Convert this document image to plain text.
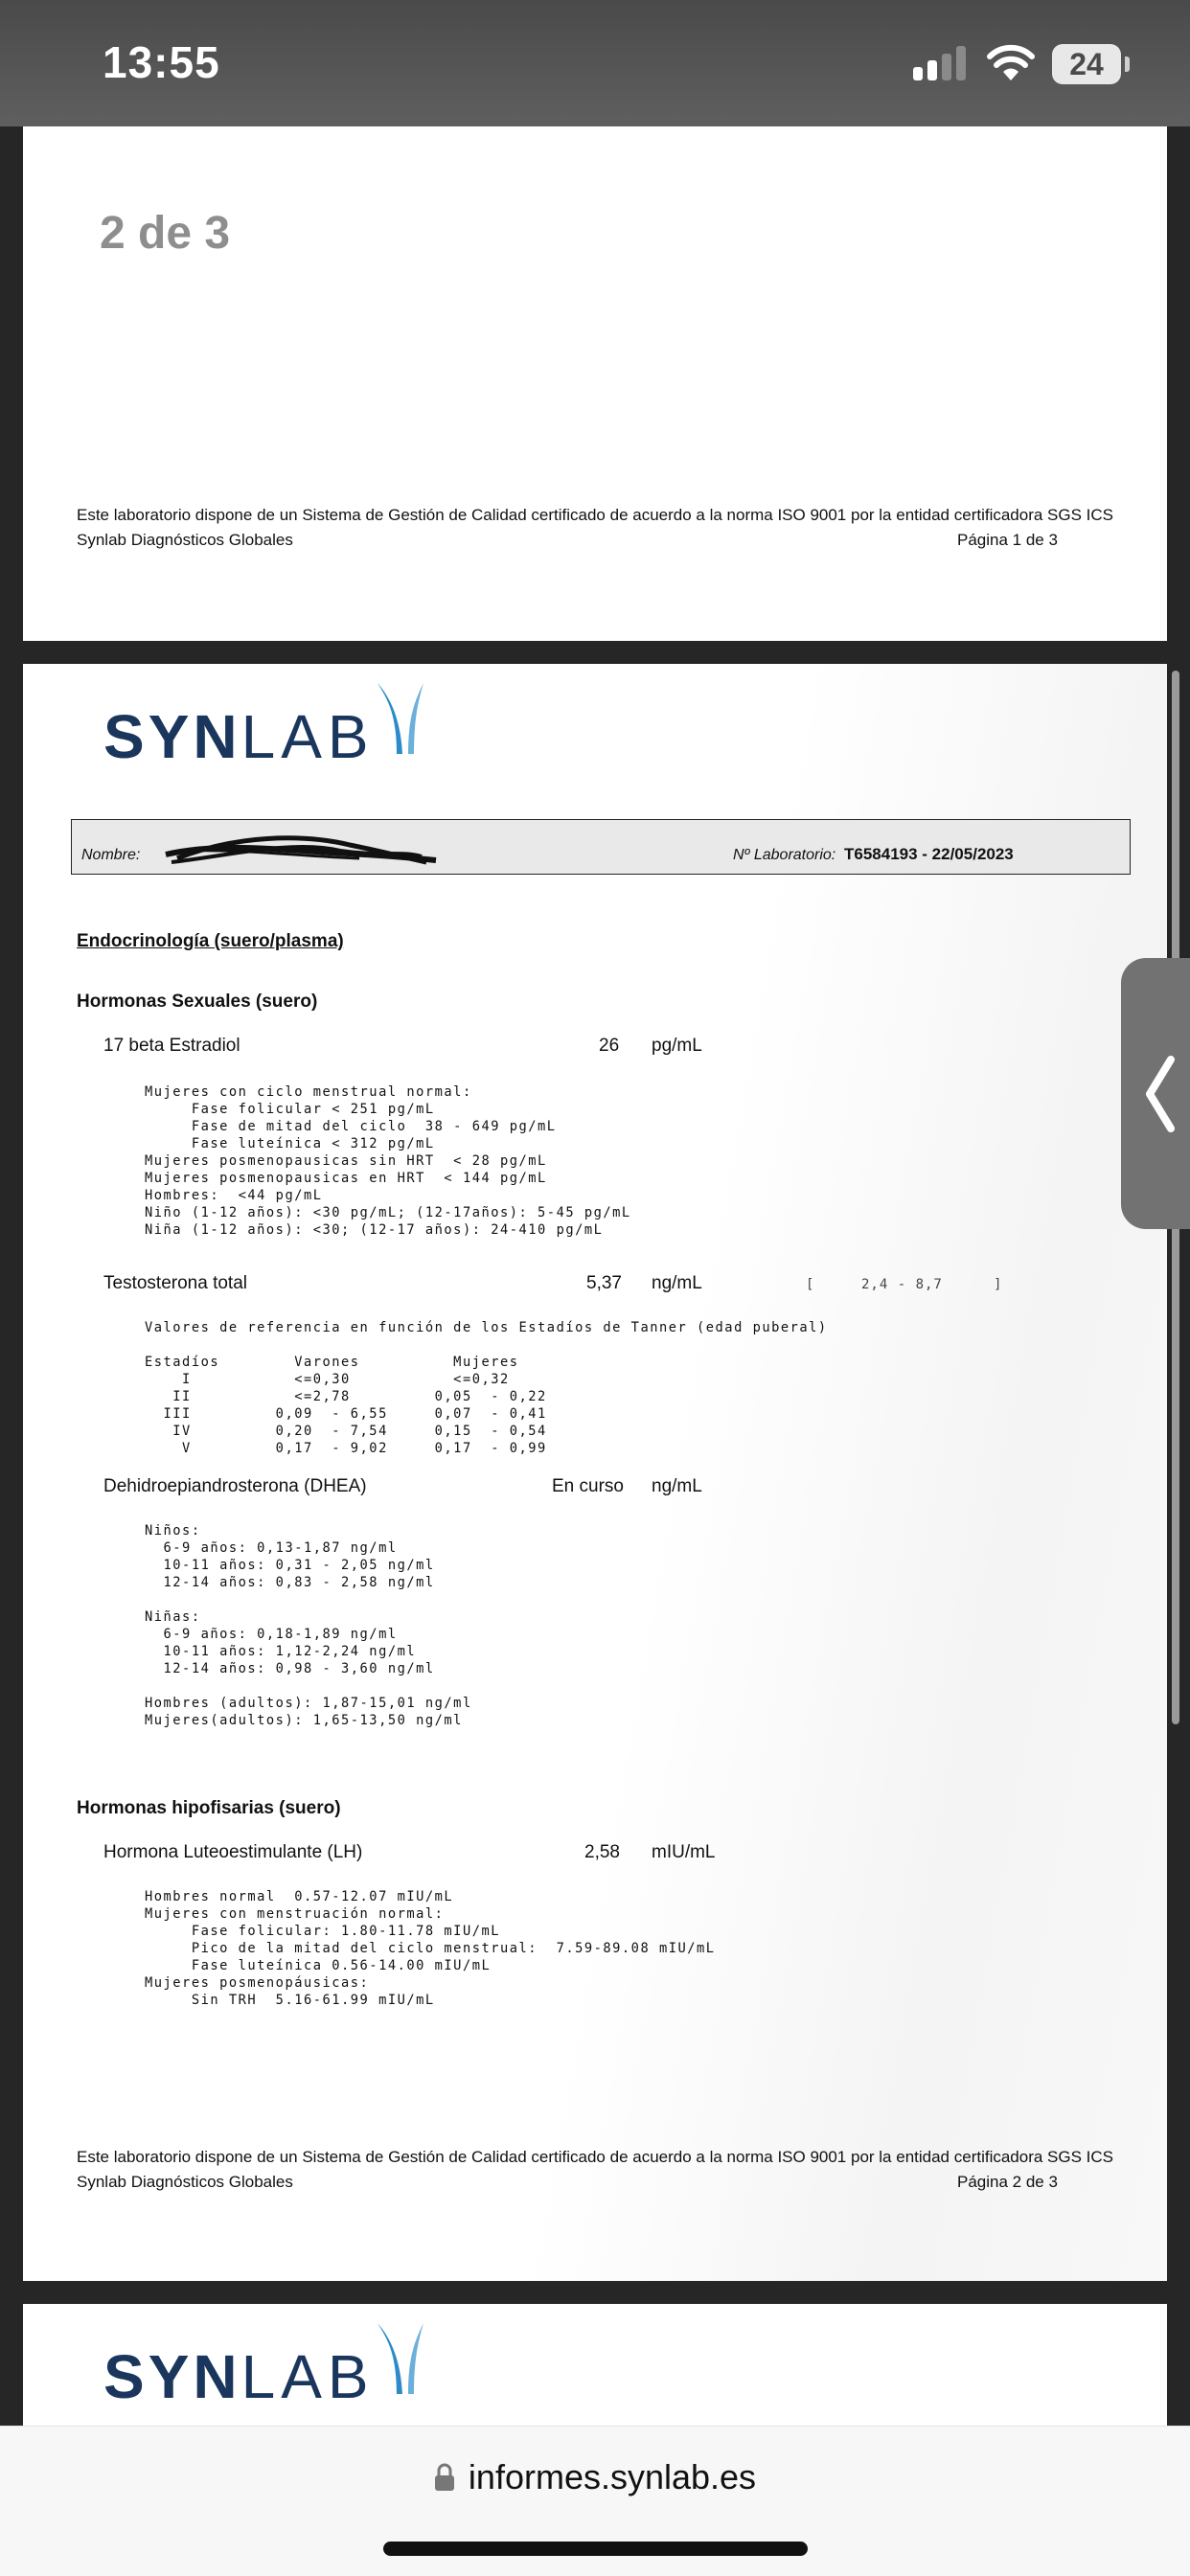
13:55	24
2 de 3
Este laboratorio dispone de un Sistema de Gestión de Calidad certificado de acuerdo a la norma ISO 9001 por la entidad certificadora SGS ICS
Synlab Diagnósticos Globales	Página 1 de 3
SYNLAB
Nombre:	Nº Laboratorio: T6584193 - 22/05/2023
Endocrinología (suero/plasma)
Hormonas Sexuales (suero)
17 beta Estradiol	26 pg/mL
Mujeres con ciclo menstrual normal:
Fase folicular < 251 pg/mL
Fase de mitad del ciclo  38 - 649 pg/mL
Fase luteínica < 312 pg/mL
Mujeres posmenopausicas sin HRT  < 28 pg/mL
Mujeres posmenopausicas en HRT  < 144 pg/mL
Hombres:  <44 pg/mL
Niño (1-12 años): <30 pg/mL; (12-17años): 5-45 pg/mL
Niña (1-12 años): <30; (12-17 años): 24-410 pg/mL
Testosterona total	5,37 ng/mL	[	2,4 - 8,7	]
Valores de referencia en función de los Estadíos de Tanner (edad puberal)

Estadíos        Varones          Mujeres
I           <=0,30           <=0,32
II           <=2,78         0,05  - 0,22
III         0,09  - 6,55     0,07  - 0,41
IV         0,20  - 7,54     0,15  - 0,54
V         0,17  - 9,02     0,17  - 0,99
Dehidroepiandrosterona (DHEA)	En curso ng/mL
Niños:
6-9 años: 0,13-1,87 ng/ml
10-11 años: 0,31 - 2,05 ng/ml
12-14 años: 0,83 - 2,58 ng/ml

Niñas:
6-9 años: 0,18-1,89 ng/ml
10-11 años: 1,12-2,24 ng/ml
12-14 años: 0,98 - 3,60 ng/ml

Hombres (adultos): 1,87-15,01 ng/ml
Mujeres(adultos): 1,65-13,50 ng/ml
Hormonas hipofisarias (suero)
Hormona Luteoestimulante (LH)	2,58 mIU/mL
Hombres normal  0.57-12.07 mIU/mL
Mujeres con menstruación normal:
Fase folicular: 1.80-11.78 mIU/mL
Pico de la mitad del ciclo menstrual:  7.59-89.08 mIU/mL
Fase luteínica 0.56-14.00 mIU/mL
Mujeres posmenopáusicas:
Sin TRH  5.16-61.99 mIU/mL
Este laboratorio dispone de un Sistema de Gestión de Calidad certificado de acuerdo a la norma ISO 9001 por la entidad certificadora SGS ICS
Synlab Diagnósticos Globales	Página 2 de 3
SYNLAB
informes.synlab.es
